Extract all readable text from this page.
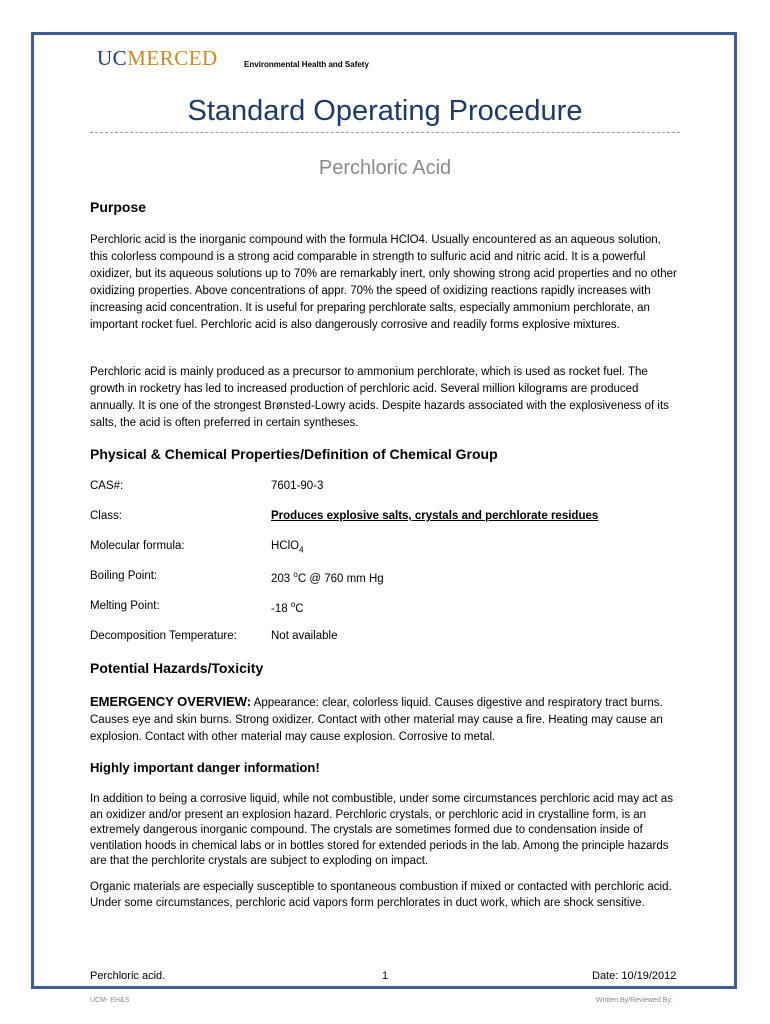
UCMERCED	Environmental Health and Safety
Standard Operating Procedure
Perchloric Acid
Purpose

Perchloric acid is the inorganic compound with the formula HClO4. Usually encountered as an aqueous solution, this colorless compound is a strong acid comparable in strength to sulfuric acid and nitric acid. It is a powerful oxidizer, but its aqueous solutions up to 70% are remarkably inert, only showing strong acid properties and no other oxidizing properties. Above concentrations of appr. 70% the speed of oxidizing reactions rapidly increases with increasing acid concentration. It is useful for preparing perchlorate salts, especially ammonium perchlorate, an important rocket fuel. Perchloric acid is also dangerously corrosive and readily forms explosive mixtures.

Perchloric acid is mainly produced as a precursor to ammonium perchlorate, which is used as rocket fuel. The growth in rocketry has led to increased production of perchloric acid. Several million kilograms are produced annually. It is one of the strongest Brønsted-Lowry acids. Despite hazards associated with the explosiveness of its salts, the acid is often preferred in certain syntheses.

Physical & Chemical Properties/Definition of Chemical Group
CAS#:	7601-90-3
Class:	Produces explosive salts, crystals and perchlorate residues
Molecular formula:	HClO$_4$
Boiling Point:	203 $^o$C @ 760 mm Hg
Melting Point:	-18 $^o$C
Decomposition Temperature:	Not available
Potential Hazards/Toxicity

EMERGENCY OVERVIEW: Appearance: clear, colorless liquid. Causes digestive and respiratory tract burns. Causes eye and skin burns. Strong oxidizer. Contact with other material may cause a fire. Heating may cause an explosion. Contact with other material may cause explosion. Corrosive to metal.

Highly important danger information!

In addition to being a corrosive liquid, while not combustible, under some circumstances perchloric acid may act as an oxidizer and/or present an explosion hazard. Perchloric crystals, or perchloric acid in crystalline form, is an extremely dangerous inorganic compound. The crystals are sometimes formed due to condensation inside of ventilation hoods in chemical labs or in bottles stored for extended periods in the lab. Among the principle hazards are that the perchlorite crystals are subject to exploding on impact.

Organic materials are especially susceptible to spontaneous combustion if mixed or contacted with perchloric acid. Under some circumstances, perchloric acid vapors form perchlorates in duct work, which are shock sensitive.

Perchloric acid.	1	Date: 10/19/2012
UCM- EH&S	Written By/Reviewed By:
